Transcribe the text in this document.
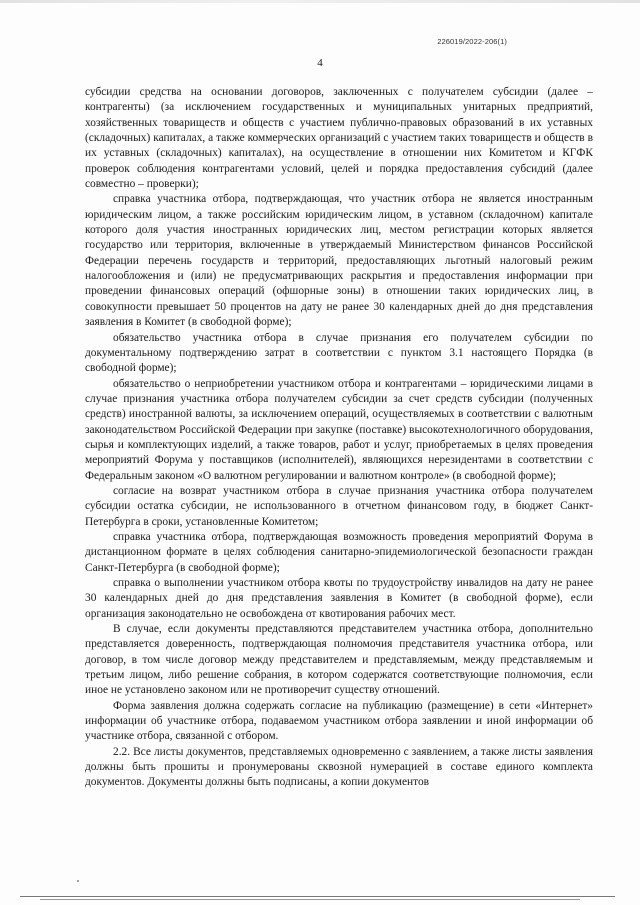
226019/2022-206(1)
4

субсидии средства на основании договоров, заключенных с получателем субсидии (далее – контрагенты) (за исключением государственных и муниципальных унитарных предприятий, хозяйственных товариществ и обществ с участием публично-правовых образований в их уставных (складочных) капиталах, а также коммерческих организаций с участием таких товариществ и обществ в их уставных (складочных) капиталах), на осуществление в отношении них Комитетом и КГФК проверок соблюдения контрагентами условий, целей и порядка предоставления субсидий (далее совместно – проверки);

справка участника отбора, подтверждающая, что участник отбора не является иностранным юридическим лицом, а также российским юридическим лицом, в уставном (складочном) капитале которого доля участия иностранных юридических лиц, местом регистрации которых является государство или территория, включенные в утверждаемый Министерством финансов Российской Федерации перечень государств и территорий, предоставляющих льготный налоговый режим налогообложения и (или) не предусматривающих раскрытия и предоставления информации при проведении финансовых операций (офшорные зоны) в отношении таких юридических лиц, в совокупности превышает 50 процентов на дату не ранее 30 календарных дней до дня представления заявления в Комитет (в свободной форме);

обязательство участника отбора в случае признания его получателем субсидии по документальному подтверждению затрат в соответствии с пунктом 3.1 настоящего Порядка (в свободной форме);

обязательство о неприобретении участником отбора и контрагентами – юридическими лицами в случае признания участника отбора получателем субсидии за счет средств субсидии (полученных средств) иностранной валюты, за исключением операций, осуществляемых в соответствии с валютным законодательством Российской Федерации при закупке (поставке) высокотехнологичного оборудования, сырья и комплектующих изделий, а также товаров, работ и услуг, приобретаемых в целях проведения мероприятий Форума у поставщиков (исполнителей), являющихся нерезидентами в соответствии с Федеральным законом «О валютном регулировании и валютном контроле» (в свободной форме);

согласие на возврат участником отбора в случае признания участника отбора получателем субсидии остатка субсидии, не использованного в отчетном финансовом году, в бюджет Санкт-Петербурга в сроки, установленные Комитетом;

справка участника отбора, подтверждающая возможность проведения мероприятий Форума в дистанционном формате в целях соблюдения санитарно-эпидемиологической безопасности граждан Санкт-Петербурга (в свободной форме);

справка о выполнении участником отбора квоты по трудоустройству инвалидов на дату не ранее 30 календарных дней до дня представления заявления в Комитет (в свободной форме), если организация законодательно не освобождена от квотирования рабочих мест.

В случае, если документы представляются представителем участника отбора, дополнительно представляется доверенность, подтверждающая полномочия представителя участника отбора, или договор, в том числе договор между представителем и представляемым, между представляемым и третьим лицом, либо решение собрания, в котором содержатся соответствующие полномочия, если иное не установлено законом или не противоречит существу отношений.

Форма заявления должна содержать согласие на публикацию (размещение) в сети «Интернет» информации об участнике отбора, подаваемом участником отбора заявлении и иной информации об участнике отбора, связанной с отбором.

2.2. Все листы документов, представляемых одновременно с заявлением, а также листы заявления должны быть прошиты и пронумерованы сквозной нумерацией в составе единого комплекта документов. Документы должны быть подписаны, а копии документов
